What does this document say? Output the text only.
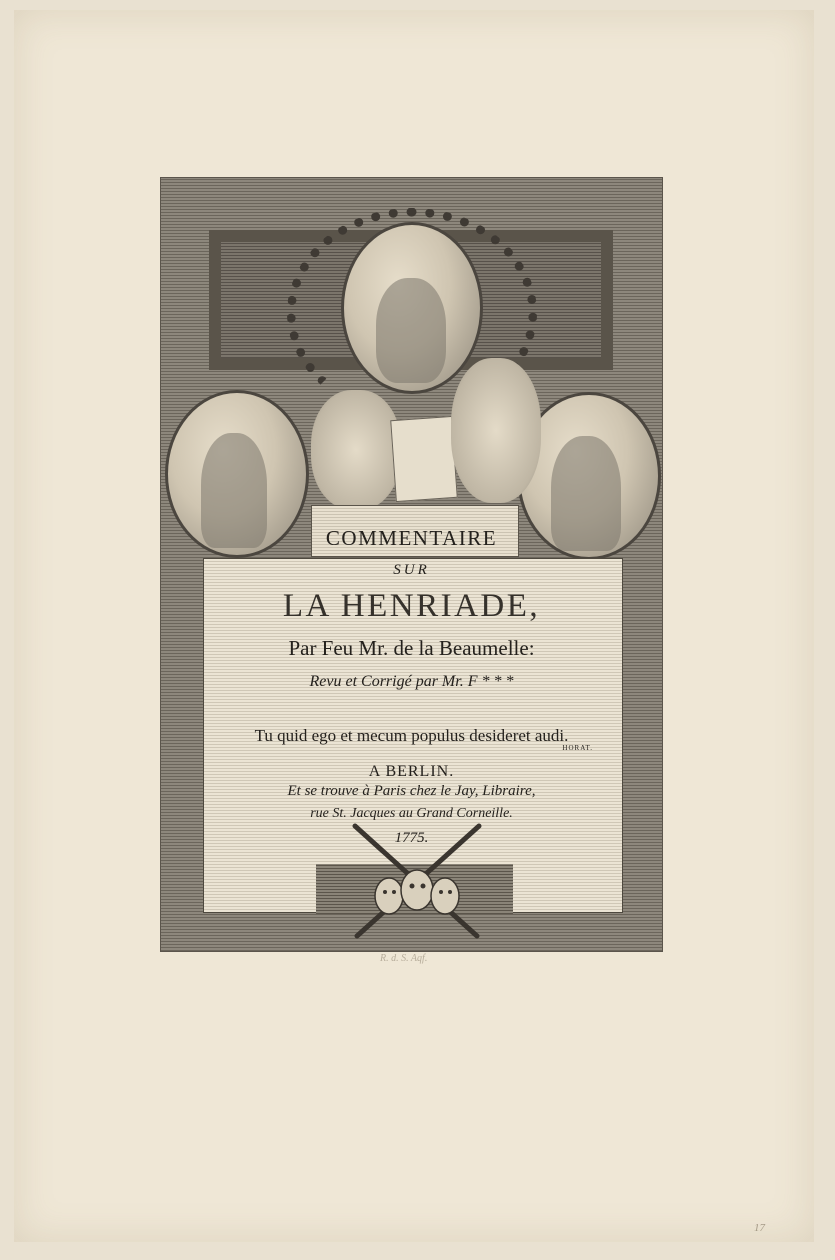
COMMENTAIRE
SUR
LA HENRIADE,
Par Feu Mr. de la Beaumelle:
Revu et Corrigé par Mr. F * * *
Tu quid ego et mecum populus desideret audi.
HORAT.
A BERLIN.
Et se trouve à Paris chez le Jay, Libraire,
rue St. Jacques au Grand Corneille.
1775.
R. d. S. Aqf.
17
